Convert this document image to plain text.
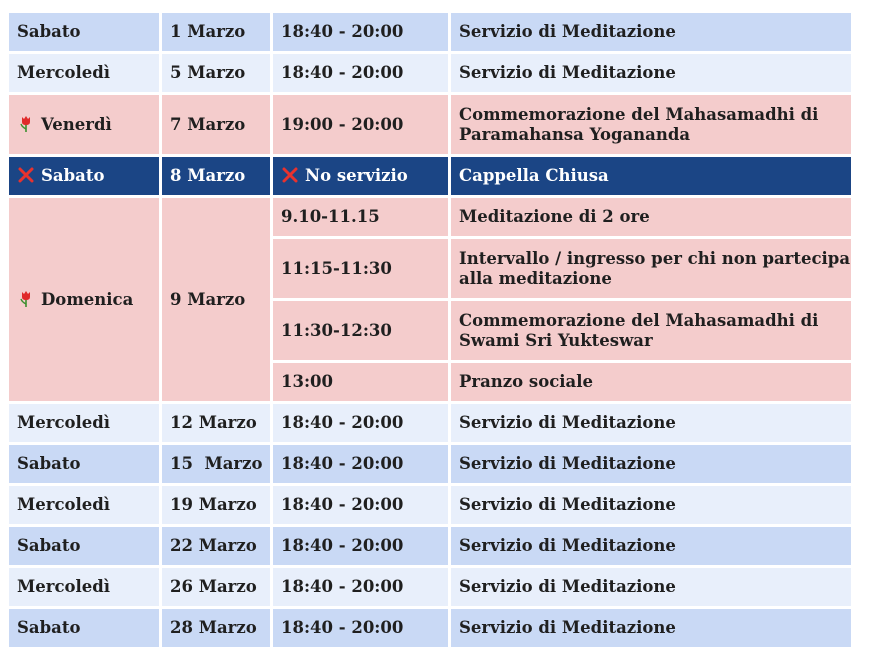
Sabato	1 Marzo	18:40 - 20:00	Servizio di Meditazione
Mercoledì	5 Marzo	18:40 - 20:00	Servizio di Meditazione
Venerdì	7 Marzo	19:00 - 20:00	Commemorazione del Mahasamadhi di Paramahansa Yogananda
Sabato	8 Marzo	No servizio	Cappella Chiusa
Domenica	9 Marzo	9.10-11.15	Meditazione di 2 ore
		11:15-11:30	Intervallo / ingresso per chi non partecipa alla meditazione
		11:30-12:30	Commemorazione del Mahasamadhi di Swami Sri Yukteswar
		13:00	Pranzo sociale
Mercoledì	12 Marzo	18:40 - 20:00	Servizio di Meditazione
Sabato	15  Marzo	18:40 - 20:00	Servizio di Meditazione
Mercoledì	19 Marzo	18:40 - 20:00	Servizio di Meditazione
Sabato	22 Marzo	18:40 - 20:00	Servizio di Meditazione
Mercoledì	26 Marzo	18:40 - 20:00	Servizio di Meditazione
Sabato	28 Marzo	18:40 - 20:00	Servizio di Meditazione
